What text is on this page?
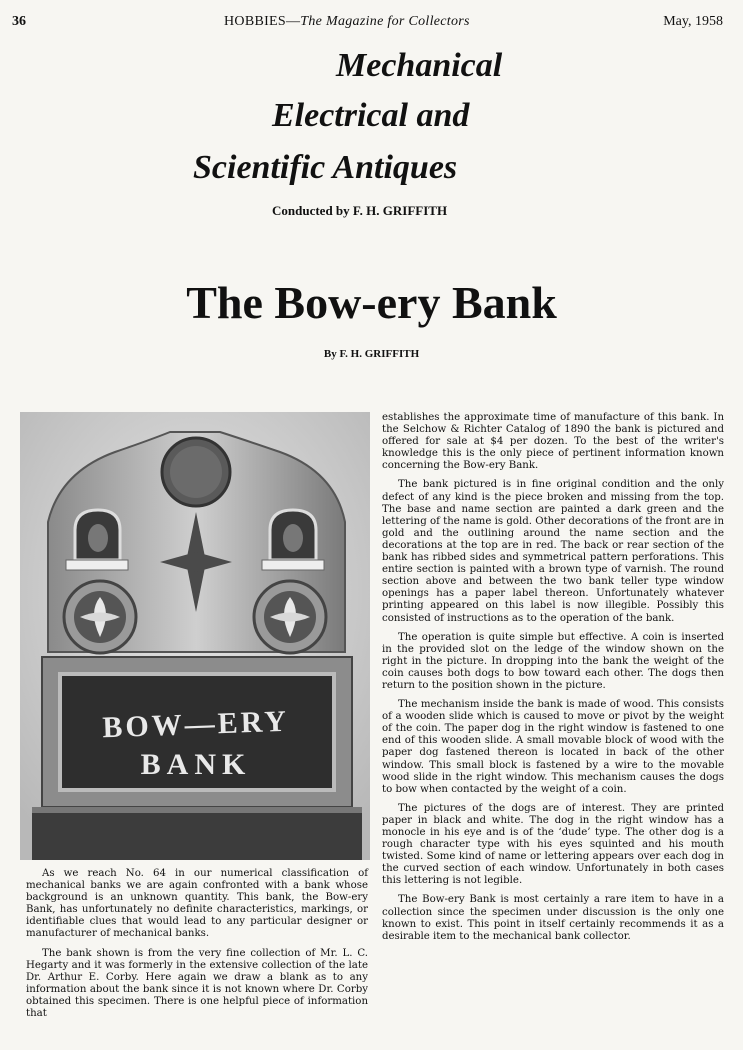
36	HOBBIES—The Magazine for Collectors	May, 1958
Mechanical
Electrical and
Scientific Antiques
Conducted by F. H. GRIFFITH
The Bow-ery Bank
By F. H. GRIFFITH
BOW—ERY
BANK

As we reach No. 64 in our numerical classification of mechanical banks we are again confronted with a bank whose background is an unknown quantity. This bank, the Bow-ery Bank, has unfortunately no definite characteristics, markings, or identifiable clues that would lead to any particular designer or manufacturer of mechanical banks.

The bank shown is from the very fine collection of Mr. L. C. Hegarty and it was formerly in the extensive collection of the late Dr. Arthur E. Corby. Here again we draw a blank as to any information about the bank since it is not known where Dr. Corby obtained this specimen. There is one helpful piece of information that

establishes the approximate time of manufacture of this bank. In the Selchow & Richter Catalog of 1890 the bank is pictured and offered for sale at $4 per dozen. To the best of the writer's knowledge this is the only piece of pertinent information known concerning the Bow-ery Bank.

The bank pictured is in fine original condition and the only defect of any kind is the piece broken and missing from the top. The base and name section are painted a dark green and the lettering of the name is gold. Other decorations of the front are in gold and the outlining around the name section and the decorations at the top are in red. The back or rear section of the bank has ribbed sides and symmetrical pattern perforations. This entire section is painted with a brown type of varnish. The round section above and between the two bank teller type window openings has a paper label thereon. Unfortunately whatever printing appeared on this label is now illegible. Possibly this consisted of instructions as to the operation of the bank.

The operation is quite simple but effective. A coin is inserted in the provided slot on the ledge of the window shown on the right in the picture. In dropping into the bank the weight of the coin causes both dogs to bow toward each other. The dogs then return to the position shown in the picture.

The mechanism inside the bank is made of wood. This consists of a wooden slide which is caused to move or pivot by the weight of the coin. The paper dog in the right window is fastened to one end of this wooden slide. A small movable block of wood with the paper dog fastened thereon is located in back of the other window. This small block is fastened by a wire to the movable wood slide in the right window. This mechanism causes the dogs to bow when contacted by the weight of a coin.

The pictures of the dogs are of interest. They are printed paper in black and white. The dog in the right window has a monocle in his eye and is of the ‘dude’ type. The other dog is a rough character type with his eyes squinted and his mouth twisted. Some kind of name or lettering appears over each dog in the curved section of each window. Unfortunately in both cases this lettering is not legible.

The Bow-ery Bank is most certainly a rare item to have in a collection since the specimen under discussion is the only one known to exist. This point in itself certainly recommends it as a desirable item to the mechanical bank collector.
